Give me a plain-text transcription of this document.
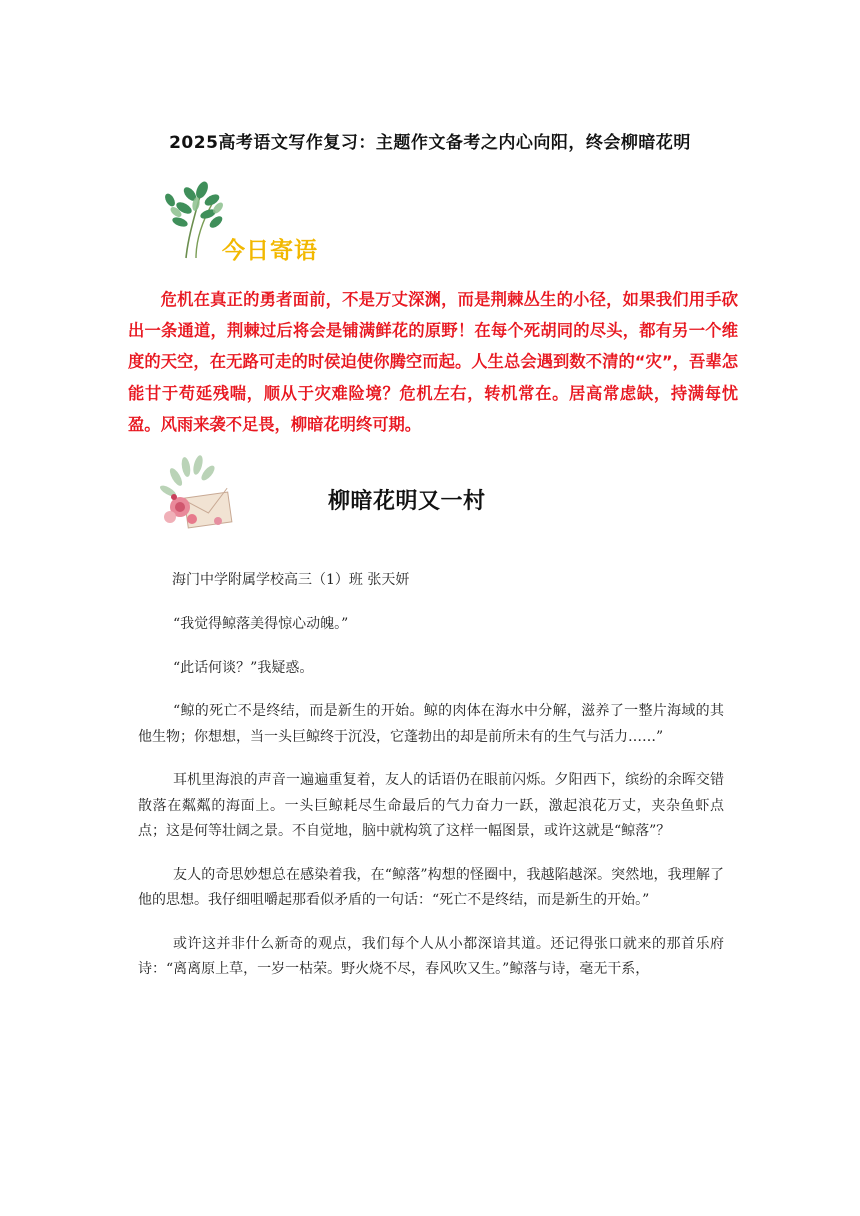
2025高考语文写作复习：主题作文备考之内心向阳，终会柳暗花明
今日寄语
危机在真正的勇者面前，不是万丈深渊，而是荆棘丛生的小径，如果我们用手砍出一条通道，荆棘过后将会是铺满鲜花的原野！在每个死胡同的尽头，都有另一个维度的天空，在无路可走的时侯迫使你腾空而起。人生总会遇到数不清的“灾”，吾辈怎能甘于苟延残喘，顺从于灾难险境？危机左右，转机常在。居高常虑缺，持满每忧盈。风雨来袭不足畏，柳暗花明终可期。
柳暗花明又一村
海门中学附属学校高三（1）班 张天妍

“我觉得鲸落美得惊心动魄。”

“此话何谈？”我疑惑。

“鲸的死亡不是终结，而是新生的开始。鲸的肉体在海水中分解，滋养了一整片海域的其他生物；你想想，当一头巨鲸终于沉没，它蓬勃出的却是前所未有的生气与活力……”

耳机里海浪的声音一遍遍重复着，友人的话语仍在眼前闪烁。夕阳西下，缤纷的余晖交错散落在粼粼的海面上。一头巨鲸耗尽生命最后的气力奋力一跃，激起浪花万丈，夹杂鱼虾点点；这是何等壮阔之景。不自觉地，脑中就构筑了这样一幅图景，或许这就是“鲸落”？

友人的奇思妙想总在感染着我，在“鲸落”构想的怪圈中，我越陷越深。突然地，我理解了他的思想。我仔细咀嚼起那看似矛盾的一句话：“死亡不是终结，而是新生的开始。”

或许这并非什么新奇的观点，我们每个人从小都深谙其道。还记得张口就来的那首乐府诗：“离离原上草，一岁一枯荣。野火烧不尽，春风吹又生。”鲸落与诗，毫无干系，
